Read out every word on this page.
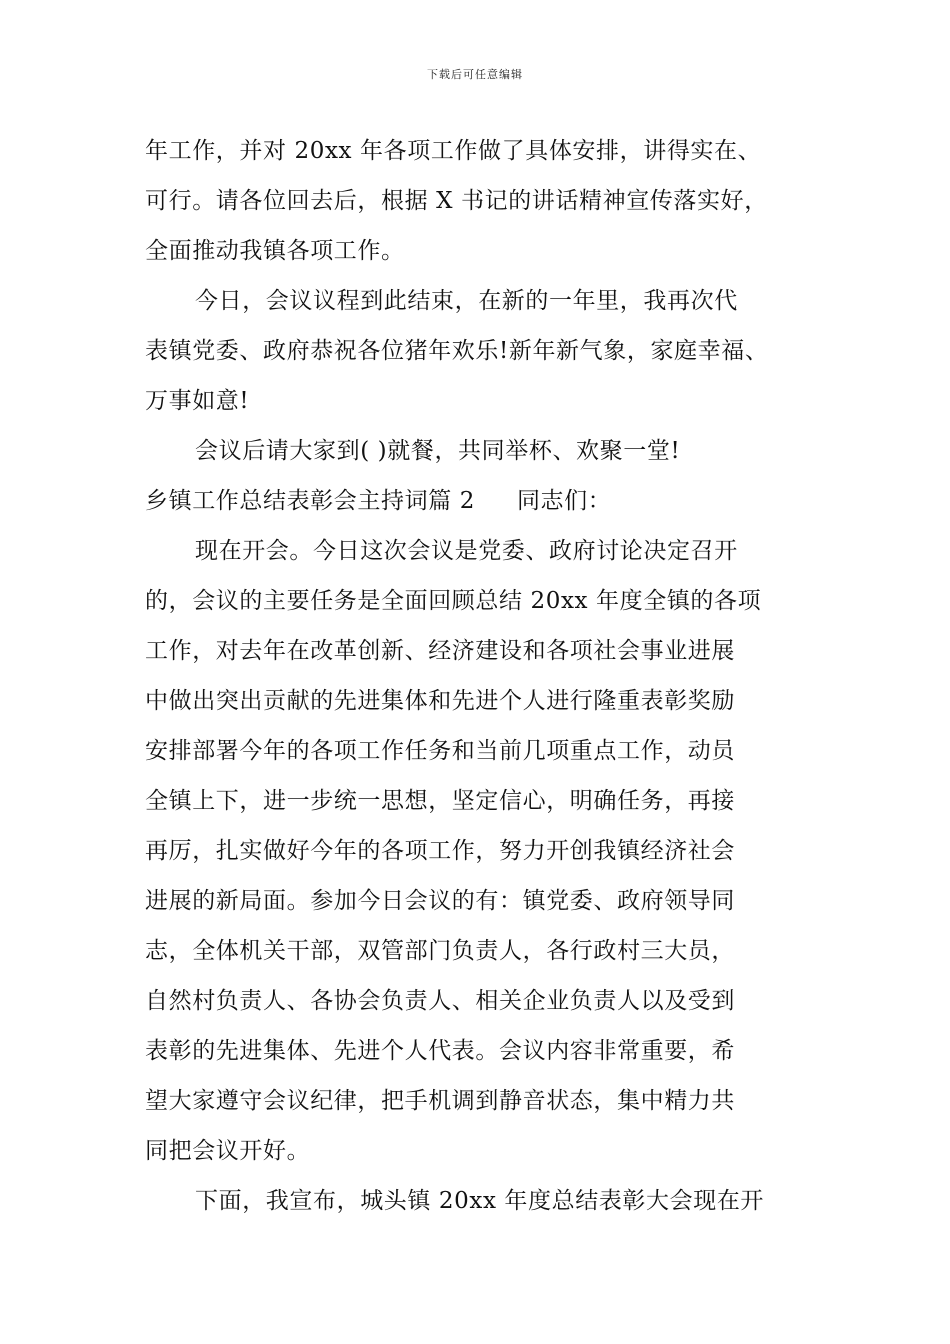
下载后可任意编辑
年工作，并对 20xx 年各项工作做了具体安排，讲得实在、
可行。请各位回去后，根据 X 书记的讲话精神宣传落实好，
全面推动我镇各项工作。
今日，会议议程到此结束，在新的一年里，我再次代
表镇党委、政府恭祝各位猪年欢乐!新年新气象，家庭幸福、
万事如意!
会议后请大家到( )就餐，共同举杯、欢聚一堂!
乡镇工作总结表彰会主持词篇 2 同志们：
现在开会。今日这次会议是党委、政府讨论决定召开
的，会议的主要任务是全面回顾总结 20xx 年度全镇的各项
工作，对去年在改革创新、经济建设和各项社会事业进展
中做出突出贡献的先进集体和先进个人进行隆重表彰奖励
安排部署今年的各项工作任务和当前几项重点工作，动员
全镇上下，进一步统一思想，坚定信心，明确任务，再接
再厉，扎实做好今年的各项工作，努力开创我镇经济社会
进展的新局面。参加今日会议的有：镇党委、政府领导同
志，全体机关干部，双管部门负责人，各行政村三大员，
自然村负责人、各协会负责人、相关企业负责人以及受到
表彰的先进集体、先进个人代表。会议内容非常重要，希
望大家遵守会议纪律，把手机调到静音状态，集中精力共
同把会议开好。
下面，我宣布，城头镇 20xx 年度总结表彰大会现在开
